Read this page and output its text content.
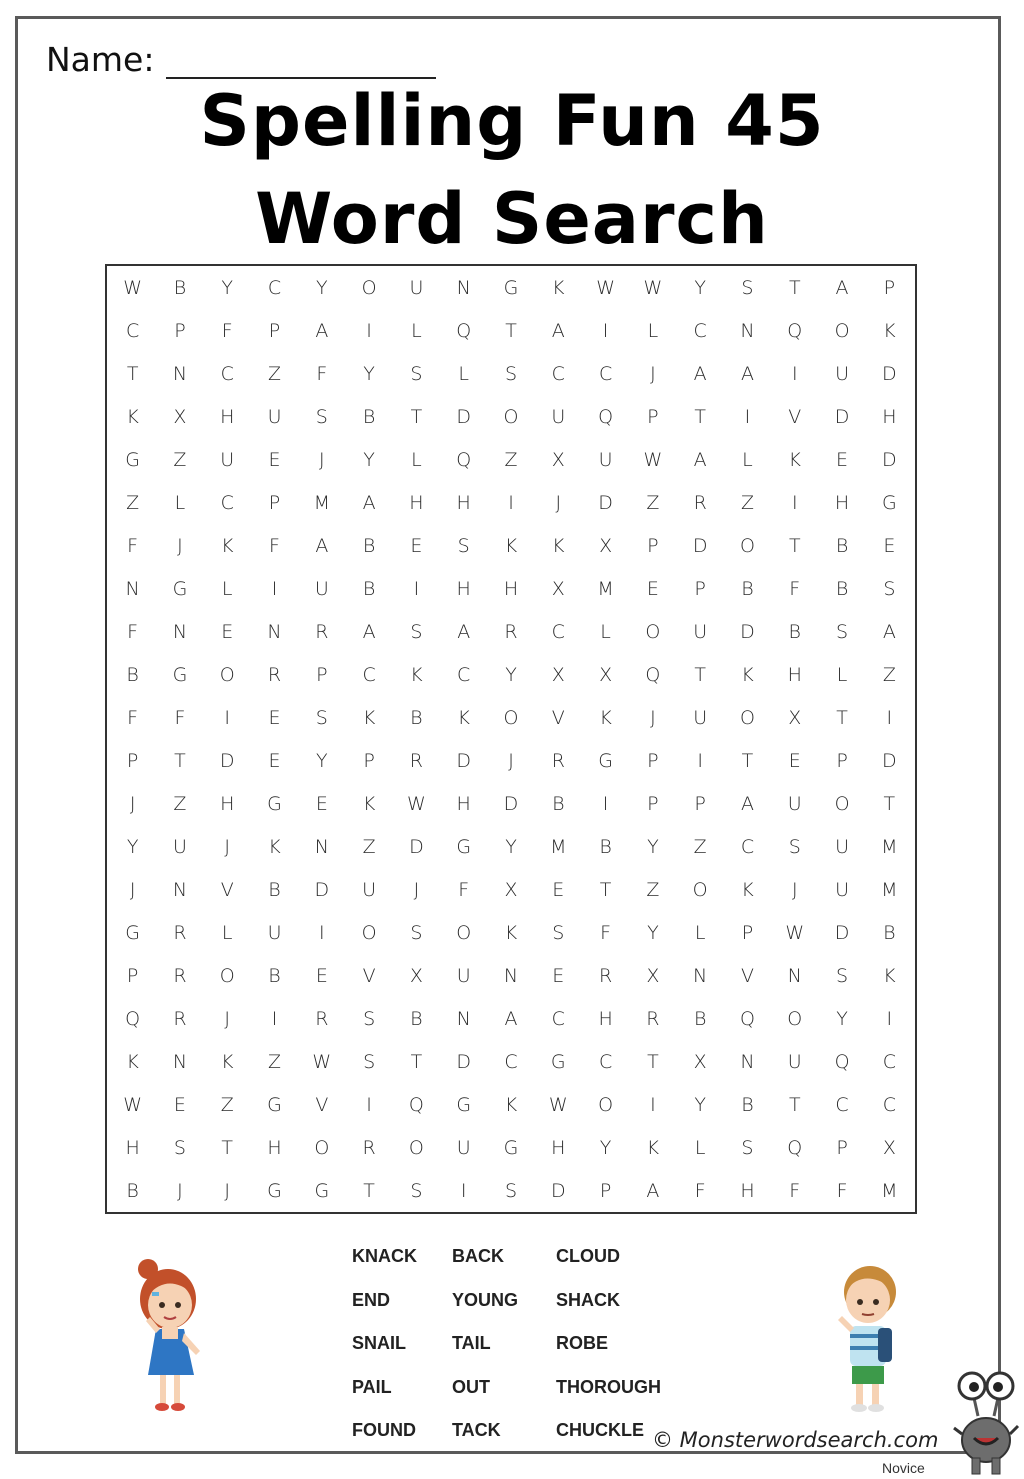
Name:
Spelling Fun 45
Word Search
W	B	Y	C	Y	O	U	N	G	K	W	W	Y	S	T	A	P
C	P	F	P	A	I	L	Q	T	A	I	L	C	N	Q	O	K
T	N	C	Z	F	Y	S	L	S	C	C	J	A	A	I	U	D
K	X	H	U	S	B	T	D	O	U	Q	P	T	I	V	D	H
G	Z	U	E	J	Y	L	Q	Z	X	U	W	A	L	K	E	D
Z	L	C	P	M	A	H	H	I	J	D	Z	R	Z	I	H	G
F	J	K	F	A	B	E	S	K	K	X	P	D	O	T	B	E
N	G	L	I	U	B	I	H	H	X	M	E	P	B	F	B	S
F	N	E	N	R	A	S	A	R	C	L	O	U	D	B	S	A
B	G	O	R	P	C	K	C	Y	X	X	Q	T	K	H	L	Z
F	F	I	E	S	K	B	K	O	V	K	J	U	O	X	T	I
P	T	D	E	Y	P	R	D	J	R	G	P	I	T	E	P	D
J	Z	H	G	E	K	W	H	D	B	I	P	P	A	U	O	T
Y	U	J	K	N	Z	D	G	Y	M	B	Y	Z	C	S	U	M
J	N	V	B	D	U	J	F	X	E	T	Z	O	K	J	U	M
G	R	L	U	I	O	S	O	K	S	F	Y	L	P	W	D	B
P	R	O	B	E	V	X	U	N	E	R	X	N	V	N	S	K
Q	R	J	I	R	S	B	N	A	C	H	R	B	Q	O	Y	I
K	N	K	Z	W	S	T	D	C	G	C	T	X	N	U	Q	C
W	E	Z	G	V	I	Q	G	K	W	O	I	Y	B	T	C	C
H	S	T	H	O	R	O	U	G	H	Y	K	L	S	Q	P	X
B	J	J	G	G	T	S	I	S	D	P	A	F	H	F	F	M
KNACK	BACK	CLOUD
END	YOUNG	SHACK
SNAIL	TAIL	ROBE
PAIL	OUT	THOROUGH
FOUND	TACK	CHUCKLE © Monsterwordsearch.com
Novice
